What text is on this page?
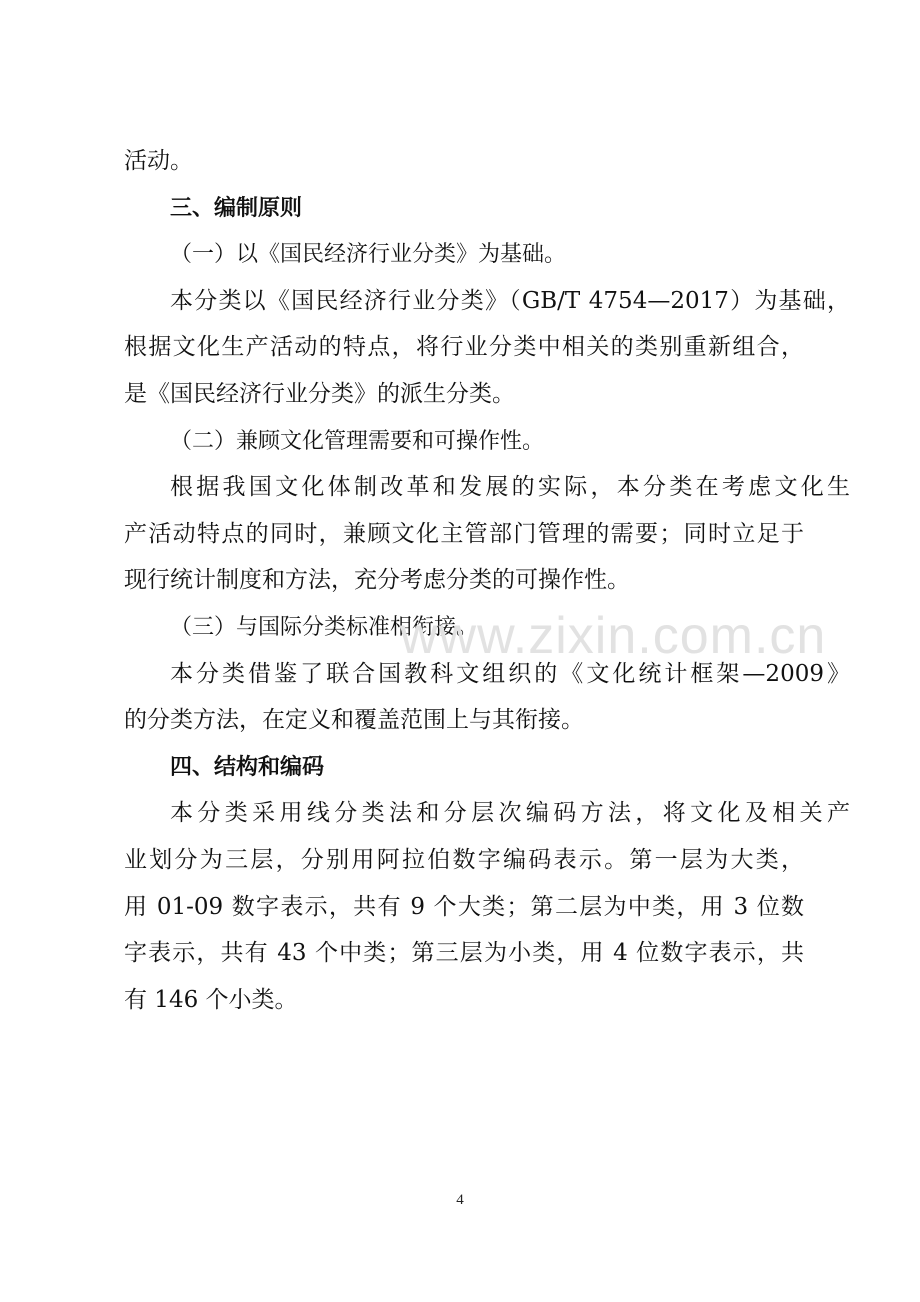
活动。
三、编制原则
（一）以《国民经济行业分类》为基础。
本分类以《国民经济行业分类》（GB/T 4754—2017）为基础，
根据文化生产活动的特点，将行业分类中相关的类别重新组合，
是《国民经济行业分类》的派生分类。
（二）兼顾文化管理需要和可操作性。
根据我国文化体制改革和发展的实际，本分类在考虑文化生
产活动特点的同时，兼顾文化主管部门管理的需要；同时立足于
现行统计制度和方法，充分考虑分类的可操作性。
（三）与国际分类标准相衔接。
本分类借鉴了联合国教科文组织的《文化统计框架—2009》
的分类方法，在定义和覆盖范围上与其衔接。
四、结构和编码
本分类采用线分类法和分层次编码方法，将文化及相关产
业划分为三层，分别用阿拉伯数字编码表示。第一层为大类，
用 01-09 数字表示，共有 9 个大类；第二层为中类，用 3 位数
字表示，共有 43 个中类；第三层为小类，用 4 位数字表示，共
有 146 个小类。
www.zixin.com.cn
4
